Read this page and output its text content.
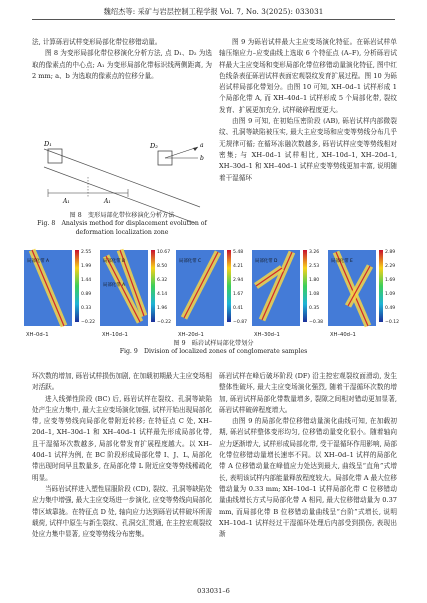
魏绍杰等: 采矿与岩层控制工程学报 Vol. 7, No. 3(2025): 033031

法, 计算砾岩试样变形局部化带位移错动量。

图 8 为变形局部化带位移演化分析方法, 点 D₁、D₂ 为选取的像素点的中心点; A₁ 为变形局部化带标识线两侧距离, 为 2 mm; a、b 为选取的像素点的位移分量。

D₁	D₂	a
b
A₁	A₁
图 8　变形局部化带位移演化分析方法
Fig. 8　Analysis method for displacement evolution of
deformation localization zone

图 9 为砾岩试样最大主应变场演化特征。在砾岩试样单轴压缩应力–应变曲线上选取 6 个特征点 (A–F), 分析砾岩试样最大主应变场和变形局部化带位移错动量演化特征, 图中红色线条表征砾岩试样表面宏观裂纹发育扩展过程。图 10 为砾岩试样局部化带划分。由图 10 可知, XH–0d–1 试样形成 1 个局部化带 A, 而 XH–40d–1 试样形成 5 个局部化带, 裂纹发育、扩展更加充分, 试样破碎程度更大。

由图 9 可知, 在初始压密阶段 (AB), 砾岩试样内部微裂纹、孔洞等缺陷被压实, 最大主应变场和应变等势线分布几乎无规律可循; 在循环冻融次数越多, 砾岩试样应变等势线相对密集; 与 XH–0d–1 试样相比, XH–10d–1, XH–20d–1, XH–30d–1 和 XH–40d–1 试样应变等势线更加丰富, 说明随着干湿循环

局部化带 A
2.55
1.99
1.44
0.89
0.33
−0.22
XH–0d–1
局部化带 B
局部化带 A
10.67
8.50
6.32
4.14
1.96
−0.22
XH–10d–1
局部化带 C
5.48
4.21
2.94
1.67
0.41
−0.87
XH–20d–1
局部化带 D
3.26
2.53
1.80
1.08
0.35
−0.38
XH–30d–1
局部化带 E
2.89
2.29
1.69
1.09
0.49
−0.12
XH–40d–1
图 9　砾岩试样局部化带划分
Fig. 9　Division of localized zones of conglomerate samples

环次数的增加, 砾岩试样损伤加剧, 在加载初期最大主应变场相对活跃。

进入线弹性阶段 (BC) 后, 砾岩试样在裂纹、孔洞等缺陷处产生应力集中, 最大主应变场演化加强, 试样开始出现局部化带, 应变等势线向局部化带附近转移; 在特征点 C 处, XH–20d–1, XH–30d–1 和 XH–40d–1 试样最先形成局部化带, 且干湿循环次数越多, 局部化带发育扩展程度越大。以 XH–40d–1 试样为例, 在 BC 阶段形成局部化带 I、J、L, 局部化带出现时间早且数量多, 在局部化带 L 附近应变等势线稀疏化明显。

当砾岩试样进入塑性屈服阶段 (CD), 裂纹、孔洞等缺陷处应力集中增强, 最大主应变场进一步演化, 应变等势线向局部化带区域靠拢。在特征点 D 处, 轴向应力达到砾岩试样破坏所需载荷, 试样中原生与新生裂纹、孔洞交汇贯通, 在主控宏观裂纹处应力集中显著, 应变等势线分布密集。

砾岩试样在峰后破坏阶段 (DF) 沿主控宏观裂纹面滑动, 发生整体性破坏, 最大主应变场演化强烈, 随着干湿循环次数的增加, 砾岩试样局部化带数量增多, 裂隙之间相对错动更加显著, 砾岩试样破碎程度增大。

由图 9 的局部化带位移错动量演化曲线可知, 在加载初期, 砾岩试样整体变形均匀, 位移错动量变化很小。随着轴向应力逐渐增大, 试样形成局部化带, 受干湿循环作用影响, 局部化带位移错动量增长速率不同。以 XH–0d–1 试样的局部化带 A 位移错动量在峰值应力处达到最大, 曲线呈“直角”式增长, 表明该试样内部能量释放程度较大。局部化带 A 最大位移错动量为 0.33 mm; XH–10d–1 试样局部化带 C 位移错动量曲线增长方式与局部化带 A 相同, 最大位移错动量为 0.37 mm, 而局部化带 B 位移错动量曲线呈“台阶”式增长, 说明 XH–10d–1 试样经过干湿循环处理后内部受到损伤, 表现出渐

033031–6
